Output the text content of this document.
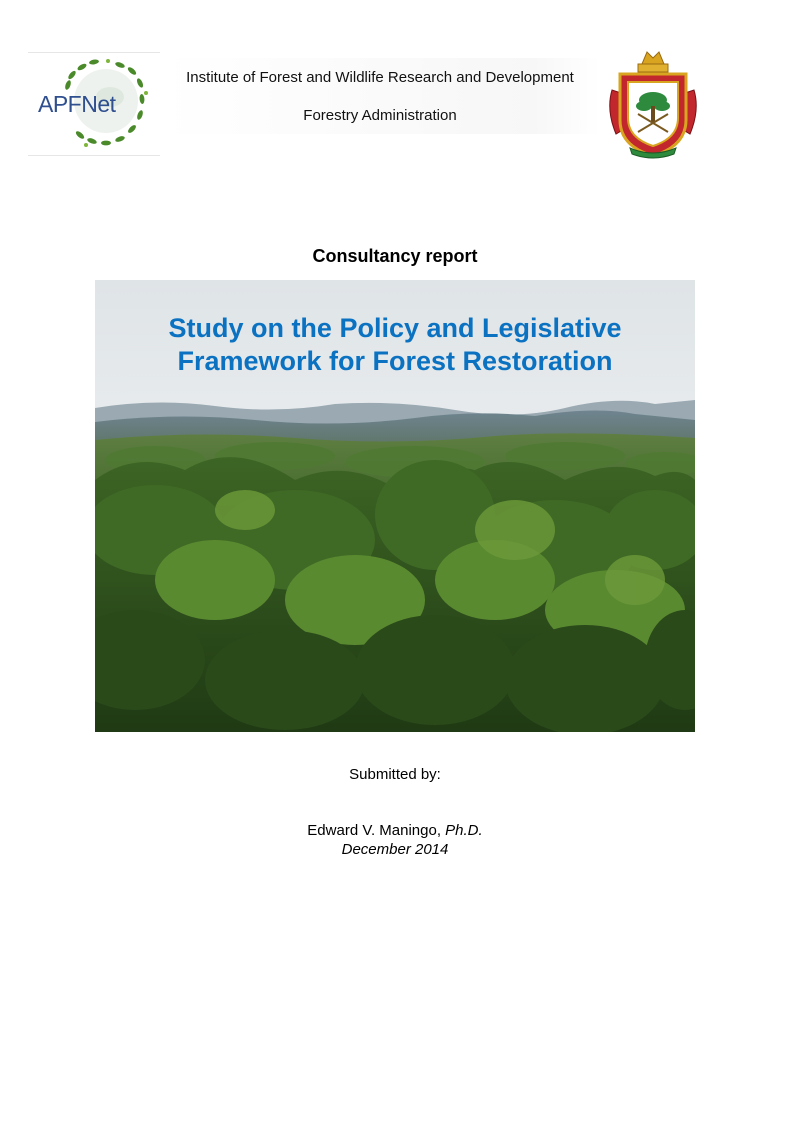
APFNet
Institute of Forest and Wildlife Research and Development
Forestry Administration
Consultancy report
Study on the Policy and Legislative
Framework for Forest Restoration
Submitted by:
Edward V. Maningo, Ph.D.
December 2014
